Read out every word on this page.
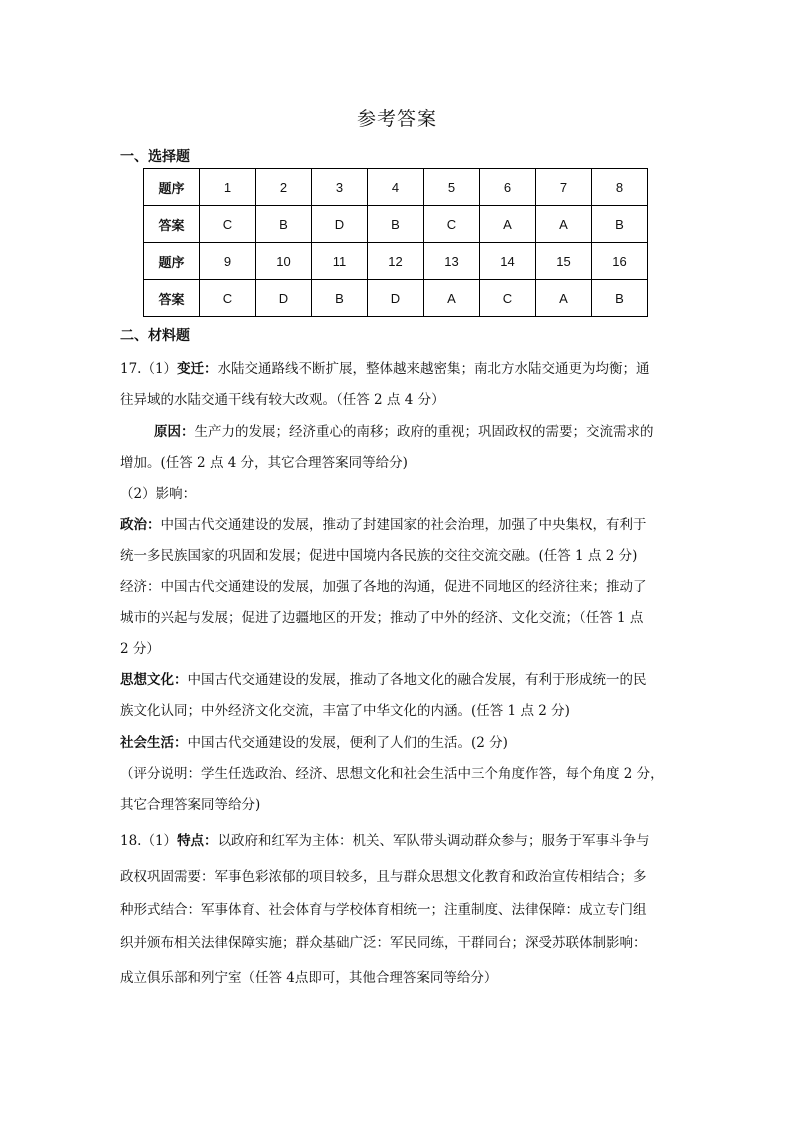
参考答案
一、选择题
题序	1	2	3	4	5	6	7	8
答案	C	B	D	B	C	A	A	B
题序	9	10	11	12	13	14	15	16
答案	C	D	B	D	A	C	A	B
二、材料题
17.（1）变迁：水陆交通路线不断扩展，整体越来越密集；南北方水陆交通更为均衡；通
往异域的水陆交通干线有较大改观。（任答 2 点 4 分）
原因：生产力的发展；经济重心的南移；政府的重视；巩固政权的需要；交流需求的
增加。(任答 2 点 4 分，其它合理答案同等给分)
（2）影响：
政治：中国古代交通建设的发展，推动了封建国家的社会治理，加强了中央集权，有利于
统一多民族国家的巩固和发展；促进中国境内各民族的交往交流交融。(任答 1 点 2 分)
经济：中国古代交通建设的发展，加强了各地的沟通，促进不同地区的经济往来；推动了
城市的兴起与发展；促进了边疆地区的开发；推动了中外的经济、文化交流；（任答 1 点
2 分）
思想文化：中国古代交通建设的发展，推动了各地文化的融合发展，有利于形成统一的民
族文化认同；中外经济文化交流，丰富了中华文化的内涵。(任答 1 点 2 分)
社会生活：中国古代交通建设的发展，便利了人们的生活。(2 分)
（评分说明：学生任选政治、经济、思想文化和社会生活中三个角度作答，每个角度 2 分，
其它合理答案同等给分)
18.（1）特点：以政府和红军为主体：机关、军队带头调动群众参与；服务于军事斗争与
政权巩固需要：军事色彩浓郁的项目较多，且与群众思想文化教育和政治宣传相结合；多
种形式结合：军事体育、社会体育与学校体育相统一；注重制度、法律保障：成立专门组
织并颁布相关法律保障实施；群众基础广泛：军民同练，干群同台；深受苏联体制影响：
成立俱乐部和列宁室（任答 4点即可，其他合理答案同等给分）
